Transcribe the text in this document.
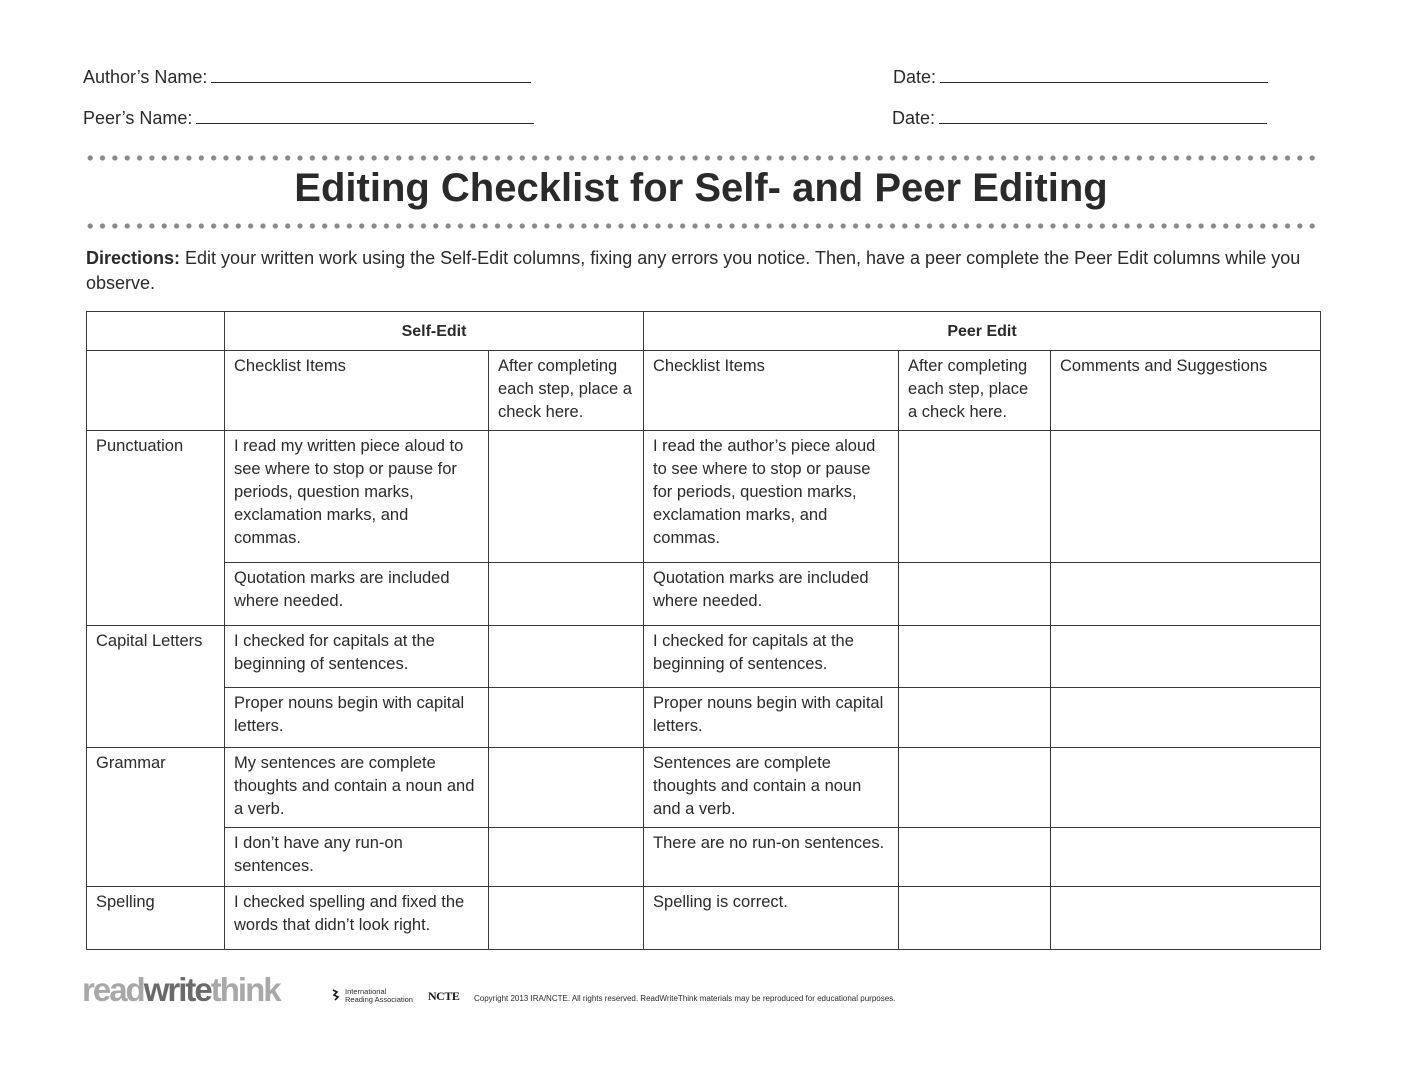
Author’s Name:	Date:
Peer’s Name:	Date:
Editing Checklist for Self- and Peer Editing
Directions: Edit your written work using the Self-Edit columns, fixing any errors you notice. Then, have a peer complete the Peer Edit columns while you observe.
	Self-Edit		Peer Edit		
	Checklist Items	After completing each step, place a check here.	Checklist Items	After completing each step, place a check here.	Comments and Suggestions
Punctuation	I read my written piece aloud to see where to stop or pause for periods, question marks, exclamation marks, and commas.		I read the author’s piece aloud to see where to stop or pause for periods, question marks, exclamation marks, and commas.		
	Quotation marks are included where needed.		Quotation marks are included where needed.		
Capital Letters	I checked for capitals at the beginning of sentences.		I checked for capitals at the beginning of sentences.		
	Proper nouns begin with capital letters.		Proper nouns begin with capital letters.		
Grammar	My sentences are complete thoughts and contain a noun and a verb.		Sentences are complete thoughts and contain a noun and a verb.		
	I don’t have any run-on sentences.		There are no run-on sentences.		
Spelling	I checked spelling and fixed the words that didn’t look right.		Spelling is correct.		
readwritethink	International
Reading Association NCTE Copyright 2013 IRA/NCTE. All rights reserved. ReadWriteThink materials may be reproduced for educational purposes.
